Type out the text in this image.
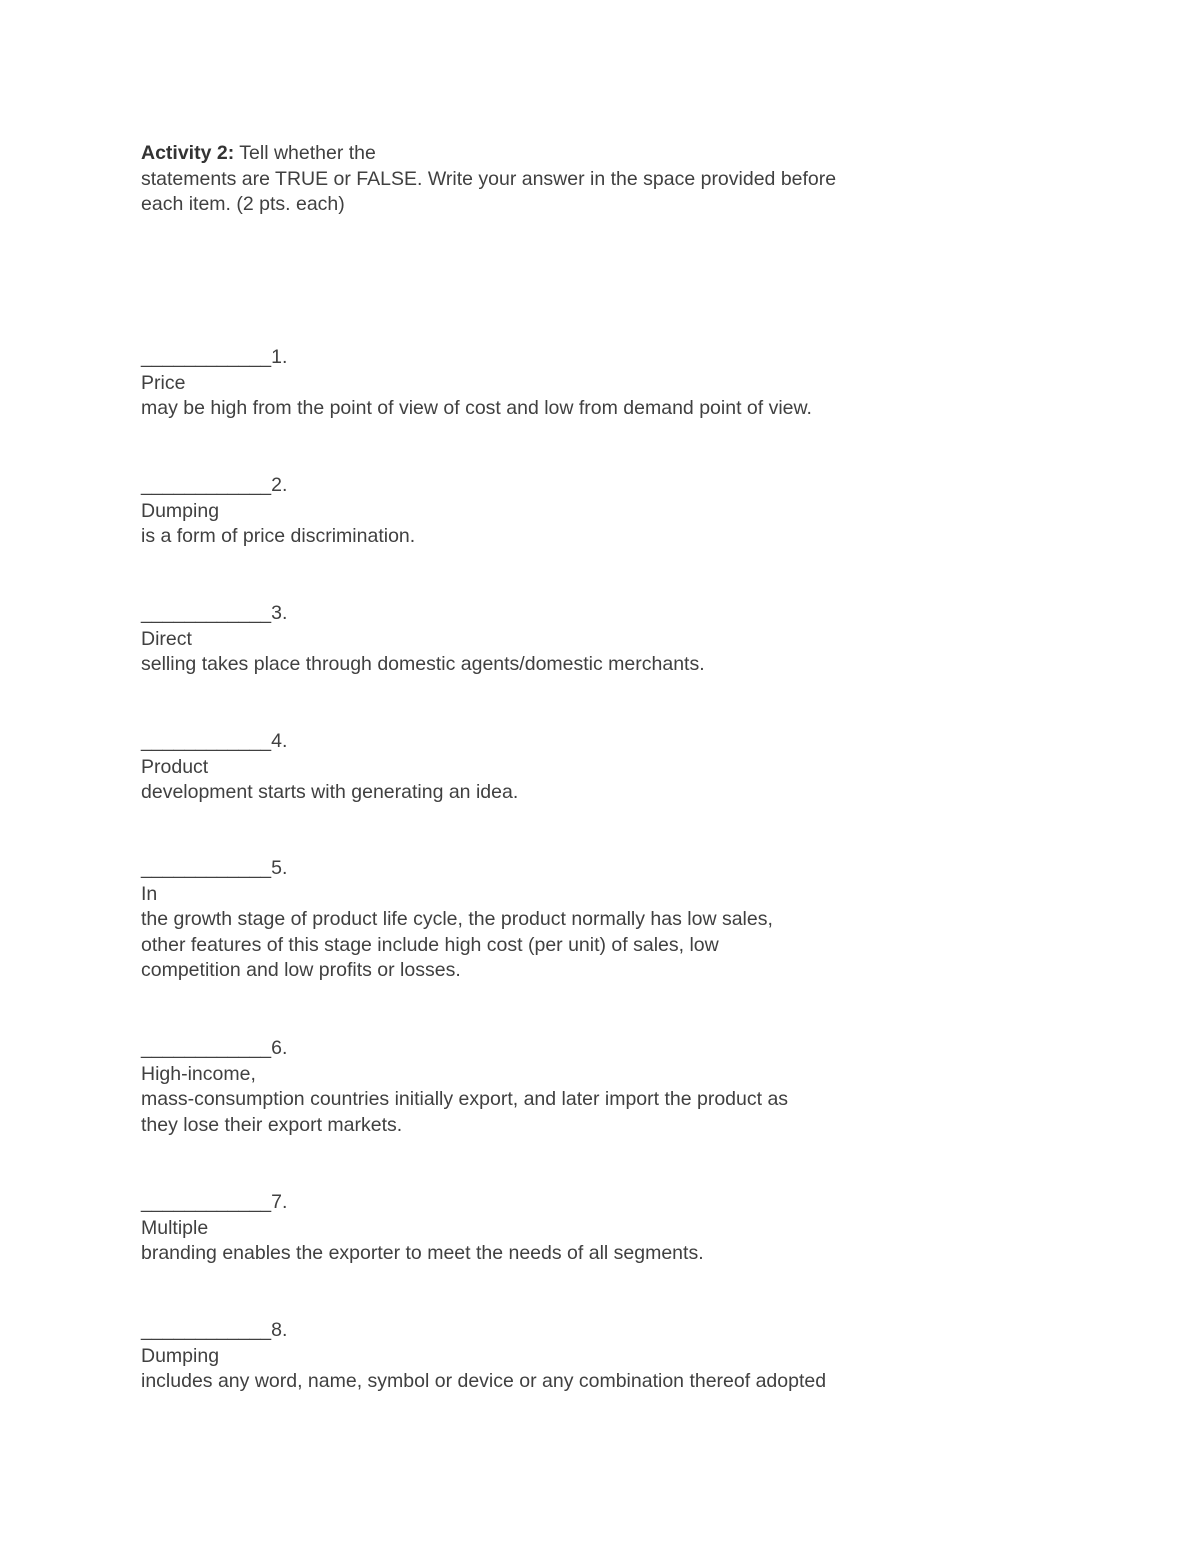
Activity 2: Tell whether the
statements are TRUE or FALSE. Write your answer in the space provided before
each item. (2 pts. each)
____________1.
Price
may be high from the point of view of cost and low from demand point of view.
____________2.
Dumping
is a form of price discrimination.
____________3.
Direct
selling takes place through domestic agents/domestic merchants.
____________4.
Product
development starts with generating an idea.
____________5.
In
the growth stage of product life cycle, the product normally has low sales,
other features of this stage include high cost (per unit) of sales, low
competition and low profits or losses.
____________6.
High-income,
mass-consumption countries initially export, and later import the product as
they lose their export markets.
____________7.
Multiple
branding enables the exporter to meet the needs of all segments.
____________8.
Dumping
includes any word, name, symbol or device or any combination thereof adopted
